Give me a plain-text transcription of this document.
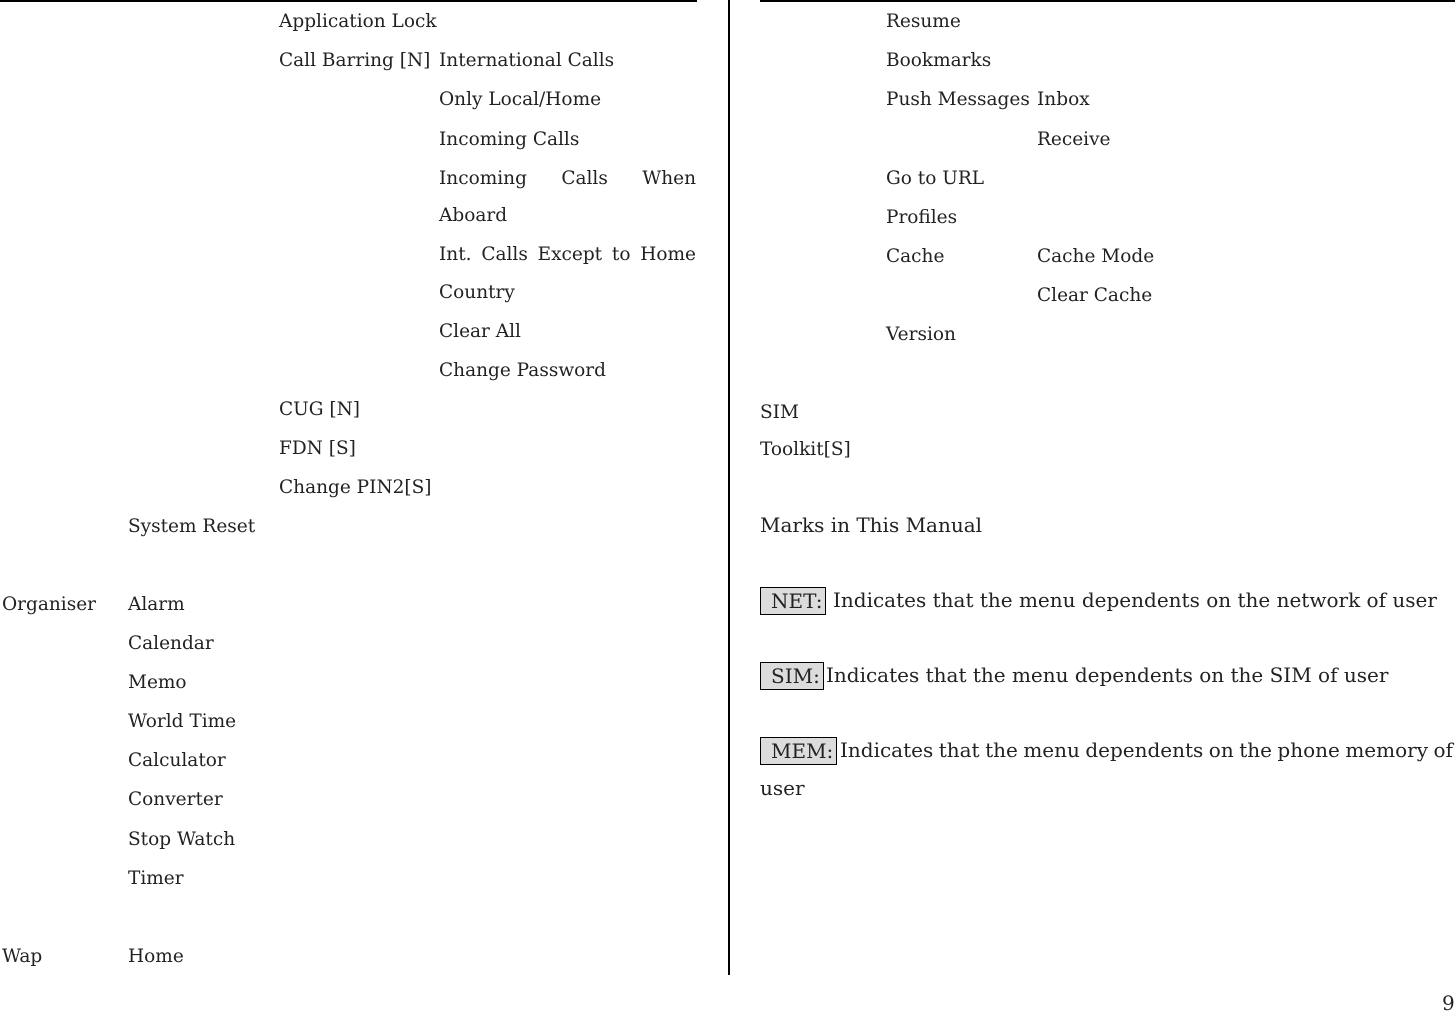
Application Lock
Call Barring [N] International Calls
Only Local/Home
Incoming Calls
Incoming Calls When
Aboard
Int. Calls Except to Home
Country
Clear All
Change Password
CUG [N]
FDN [S]
Change PIN2[S]
System Reset
Organiser Alarm
Calendar
Memo
World Time
Calculator
Converter
Stop Watch
Timer
Wap	Home
Resume
Bookmarks
Push Messages Inbox
Receive
Go to URL
Profiles
Cache	Cache Mode
Clear Cache
Version
SIM
Toolkit[S]
Marks in This Manual
NET: Indicates that the menu dependents on the network of user
SIM: Indicates that the menu dependents on the SIM of user
MEM: Indicates that the menu dependents on the phone memory of
user
9
